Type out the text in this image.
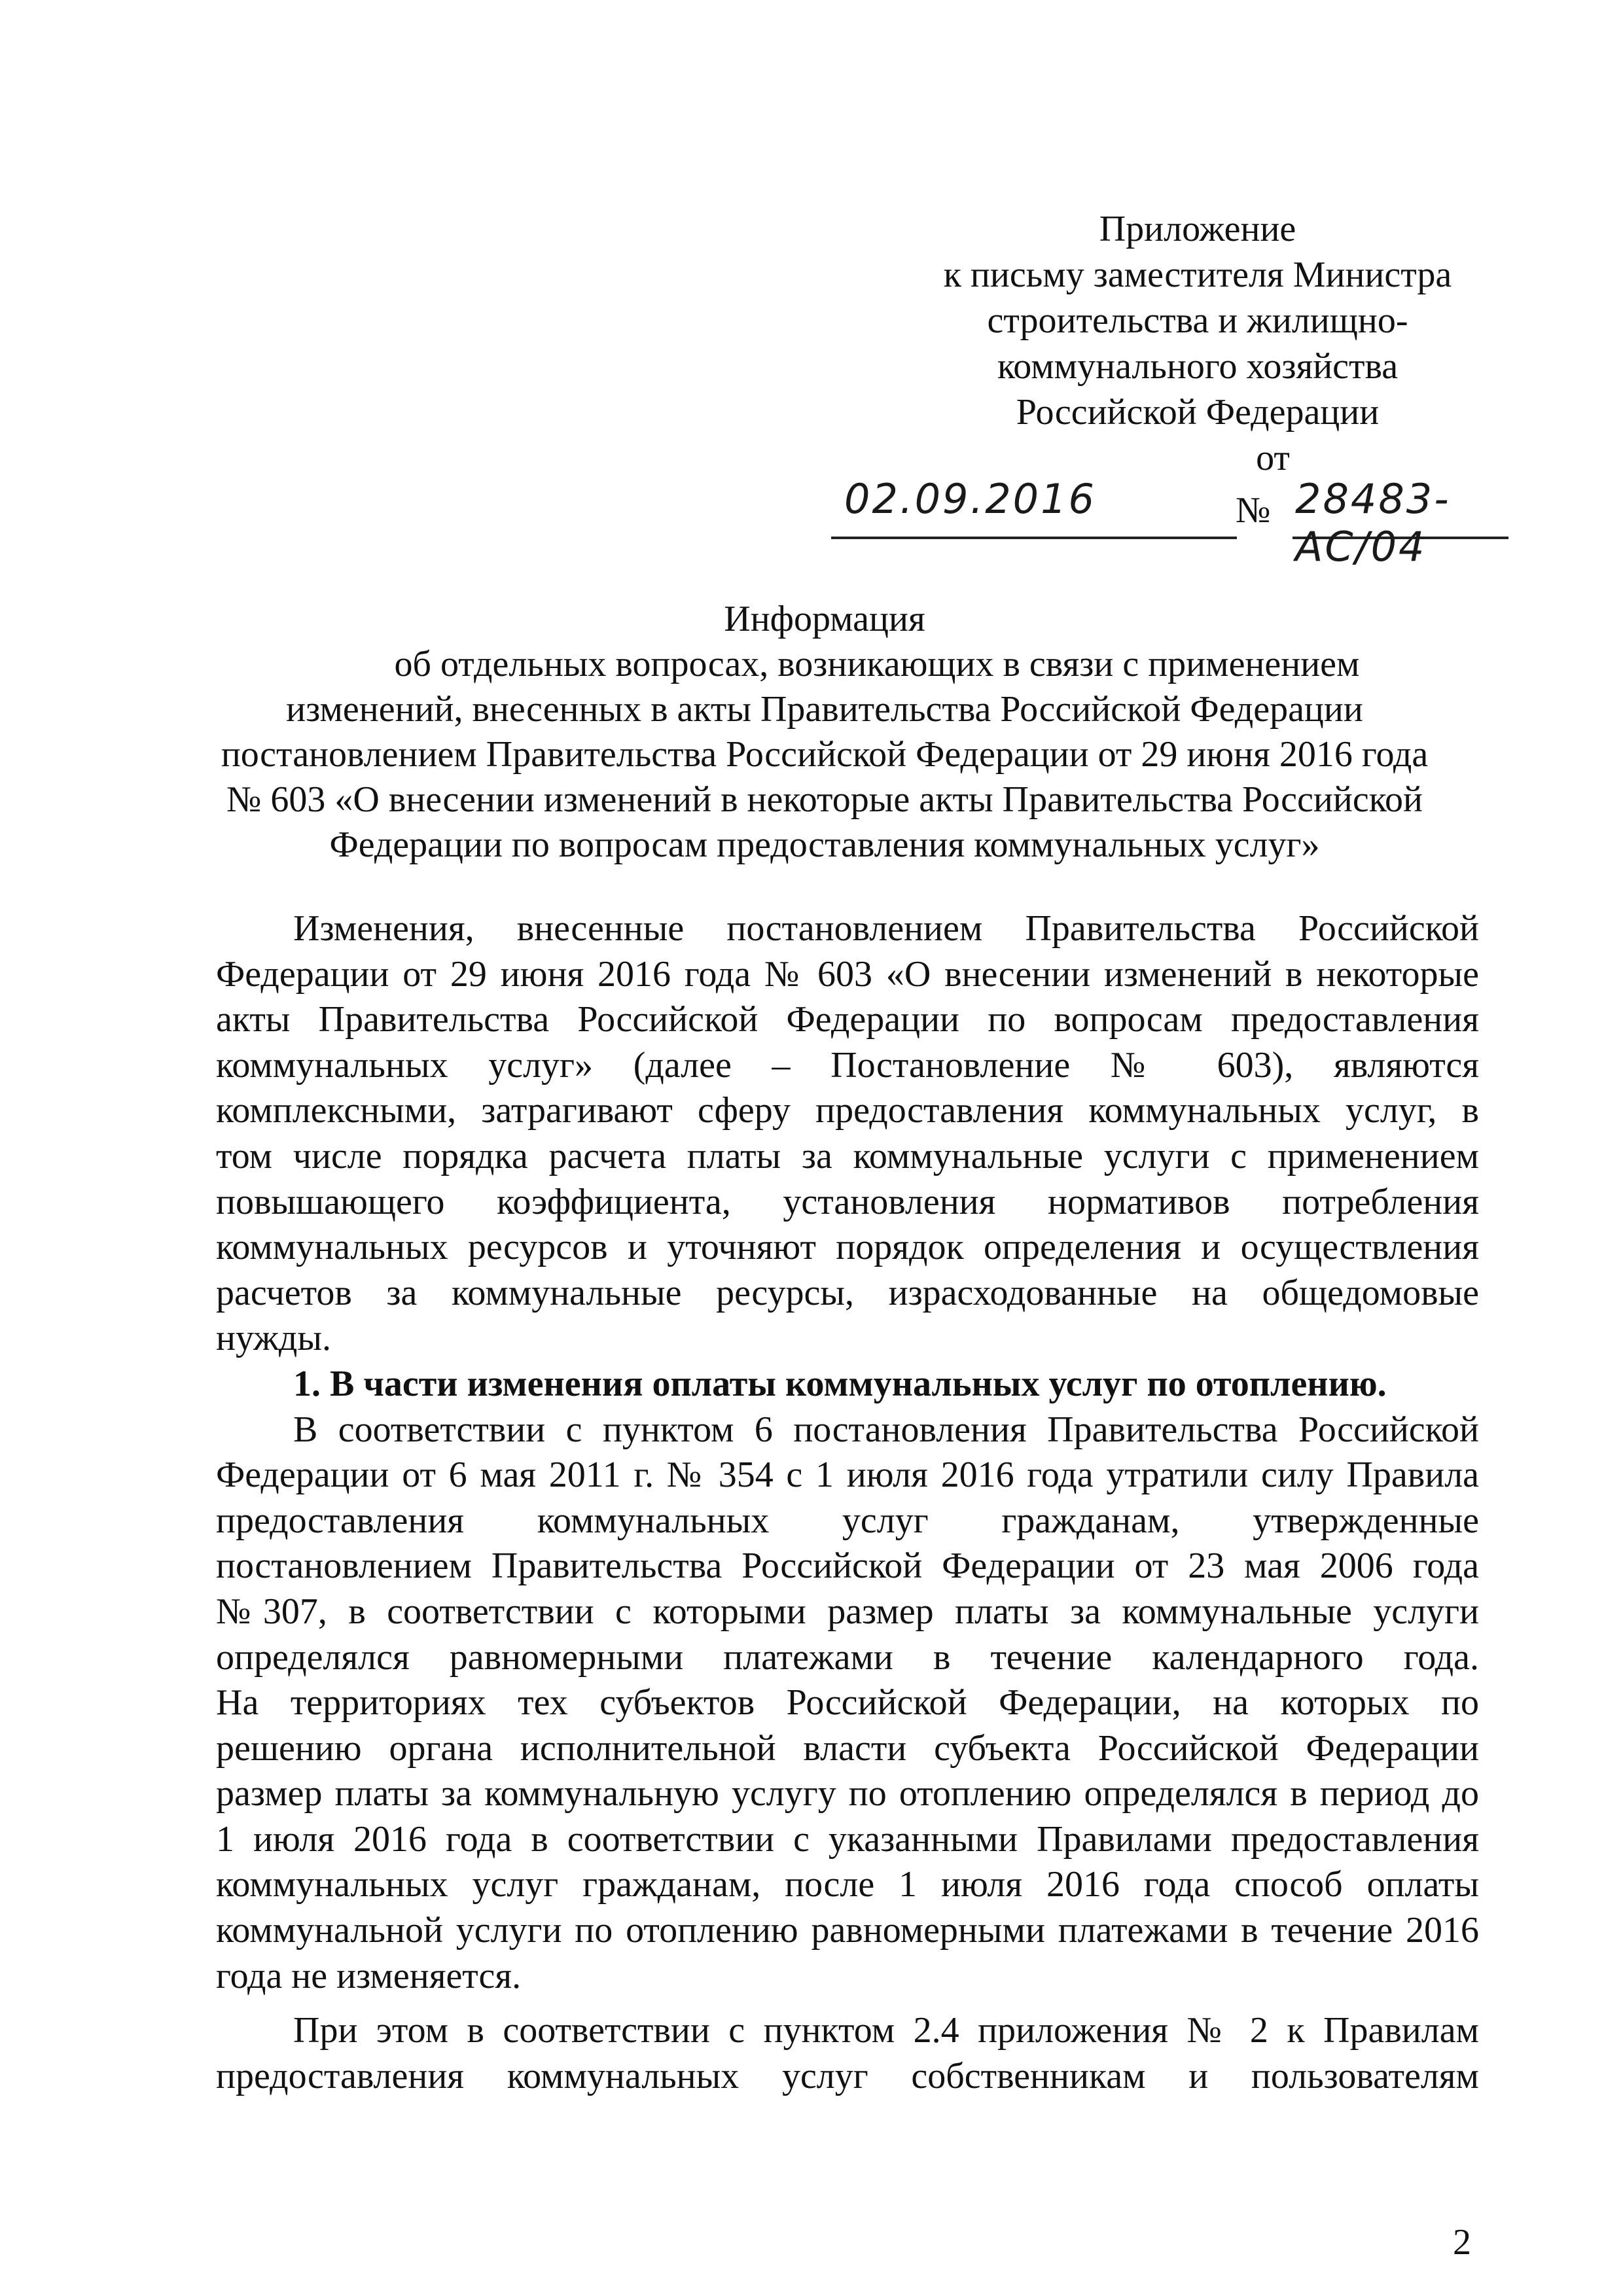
Приложение
к письму заместителя Министра
строительства и жилищно-
коммунального хозяйства
Российской Федерации
от
02.09.2016	№ 28483-АС/04
Информация
об отдельных вопросах, возникающих в связи с применением
изменений, внесенных в акты Правительства Российской Федерации
постановлением Правительства Российской Федерации от 29 июня 2016 года
№ 603 «О внесении изменений в некоторые акты Правительства Российской
Федерации по вопросам предоставления коммунальных услуг»
Изменения, внесенные постановлением Правительства Российской
Федерации от 29 июня 2016 года № 603 «О внесении изменений в некоторые
акты Правительства Российской Федерации по вопросам предоставления
коммунальных услуг» (далее – Постановление № 603), являются
комплексными, затрагивают сферу предоставления коммунальных услуг, в
том числе порядка расчета платы за коммунальные услуги с применением
повышающего коэффициента, установления нормативов потребления
коммунальных ресурсов и уточняют порядок определения и осуществления
расчетов за коммунальные ресурсы, израсходованные на общедомовые
нужды.
1. В части изменения оплаты коммунальных услуг по отоплению.
В соответствии с пунктом 6 постановления Правительства Российской
Федерации от 6 мая 2011 г. № 354 с 1 июля 2016 года утратили силу Правила
предоставления коммунальных услуг гражданам, утвержденные
постановлением Правительства Российской Федерации от 23 мая 2006 года
№307, в соответствии с которыми размер платы за коммунальные услуги
определялся равномерными платежами в течение календарного года.
На территориях тех субъектов Российской Федерации, на которых по
решению органа исполнительной власти субъекта Российской Федерации
размер платы за коммунальную услугу по отоплению определялся в период до
1 июля 2016 года в соответствии с указанными Правилами предоставления
коммунальных услуг гражданам, после 1 июля 2016 года способ оплаты
коммунальной услуги по отоплению равномерными платежами в течение 2016
года не изменяется.
При этом в соответствии с пунктом 2.4 приложения № 2 к Правилам
предоставления коммунальных услуг собственникам и пользователям
2
